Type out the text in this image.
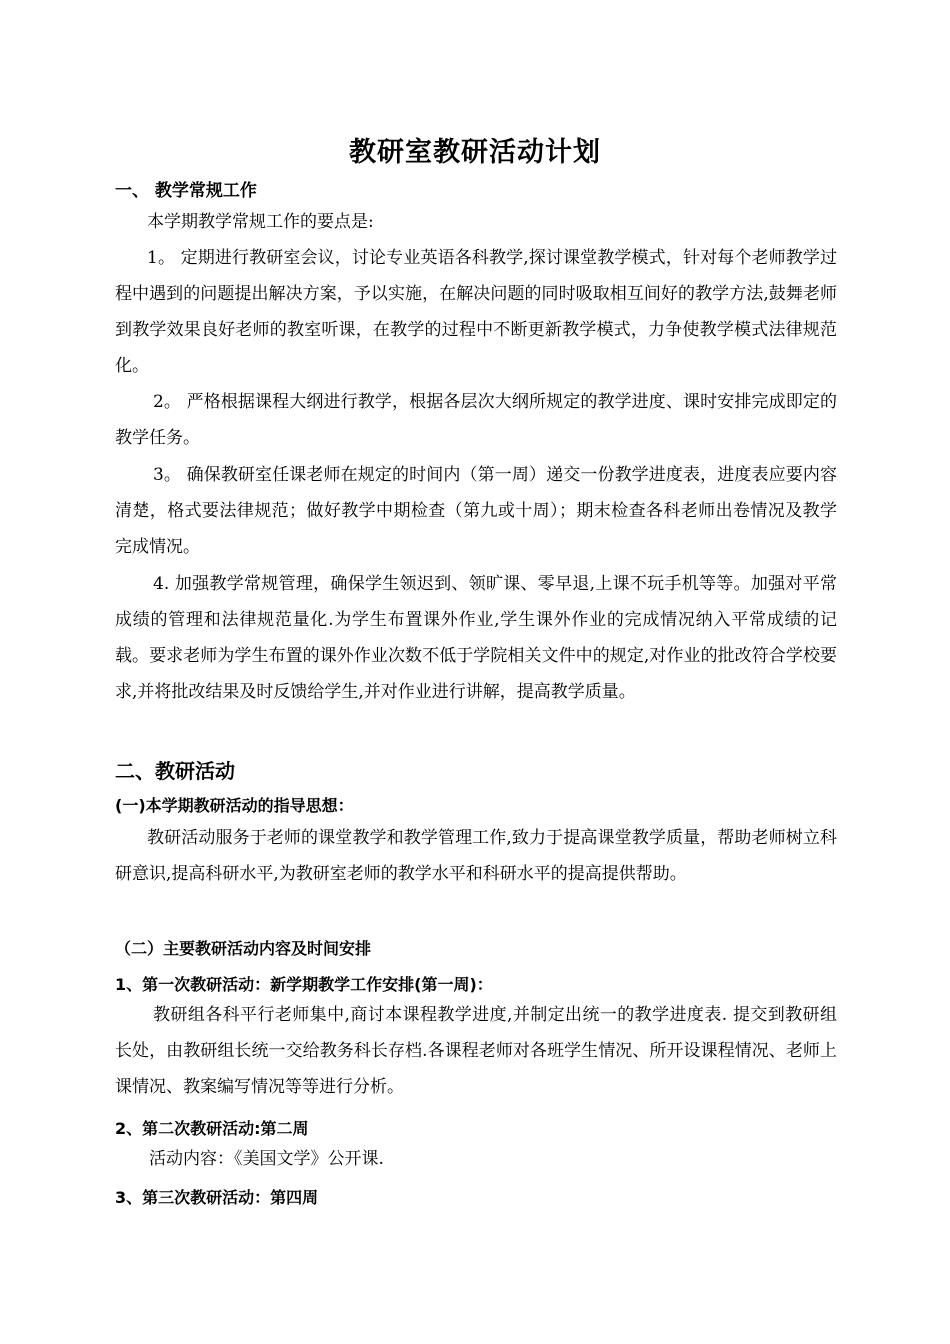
教研室教研活动计划
一、 教学常规工作
本学期教学常规工作的要点是:
1。 定期进行教研室会议，讨论专业英语各科教学,探讨课堂教学模式，针对每个老师教学过程中遇到的问题提出解决方案，予以实施，在解决问题的同时吸取相互间好的教学方法,鼓舞老师到教学效果良好老师的教室听课，在教学的过程中不断更新教学模式，力争使教学模式法律规范化。
2。 严格根据课程大纲进行教学，根据各层次大纲所规定的教学进度、课时安排完成即定的教学任务。
3。 确保教研室任课老师在规定的时间内（第一周）递交一份教学进度表，进度表应要内容清楚，格式要法律规范；做好教学中期检查（第九或十周）；期末检查各科老师出卷情况及教学完成情况。
4. 加强教学常规管理，确保学生领迟到、领旷课、零早退,上课不玩手机等等。加强对平常成绩的管理和法律规范量化.为学生布置课外作业,学生课外作业的完成情况纳入平常成绩的记载。要求老师为学生布置的课外作业次数不低于学院相关文件中的规定,对作业的批改符合学校要求,并将批改结果及时反馈给学生,并对作业进行讲解，提高教学质量。
二、教研活动
(一)本学期教研活动的指导思想：
教研活动服务于老师的课堂教学和教学管理工作,致力于提高课堂教学质量，帮助老师树立科研意识,提高科研水平,为教研室老师的教学水平和科研水平的提高提供帮助。
（二）主要教研活动内容及时间安排
1、第一次教研活动：新学期教学工作安排(第一周)：
教研组各科平行老师集中,商讨本课程教学进度,并制定出统一的教学进度表. 提交到教研组长处，由教研组长统一交给教务科长存档.各课程老师对各班学生情况、所开设课程情况、老师上课情况、教案编写情况等等进行分析。
2、第二次教研活动:第二周
活动内容：《美国文学》公开课.
3、第三次教研活动：第四周
